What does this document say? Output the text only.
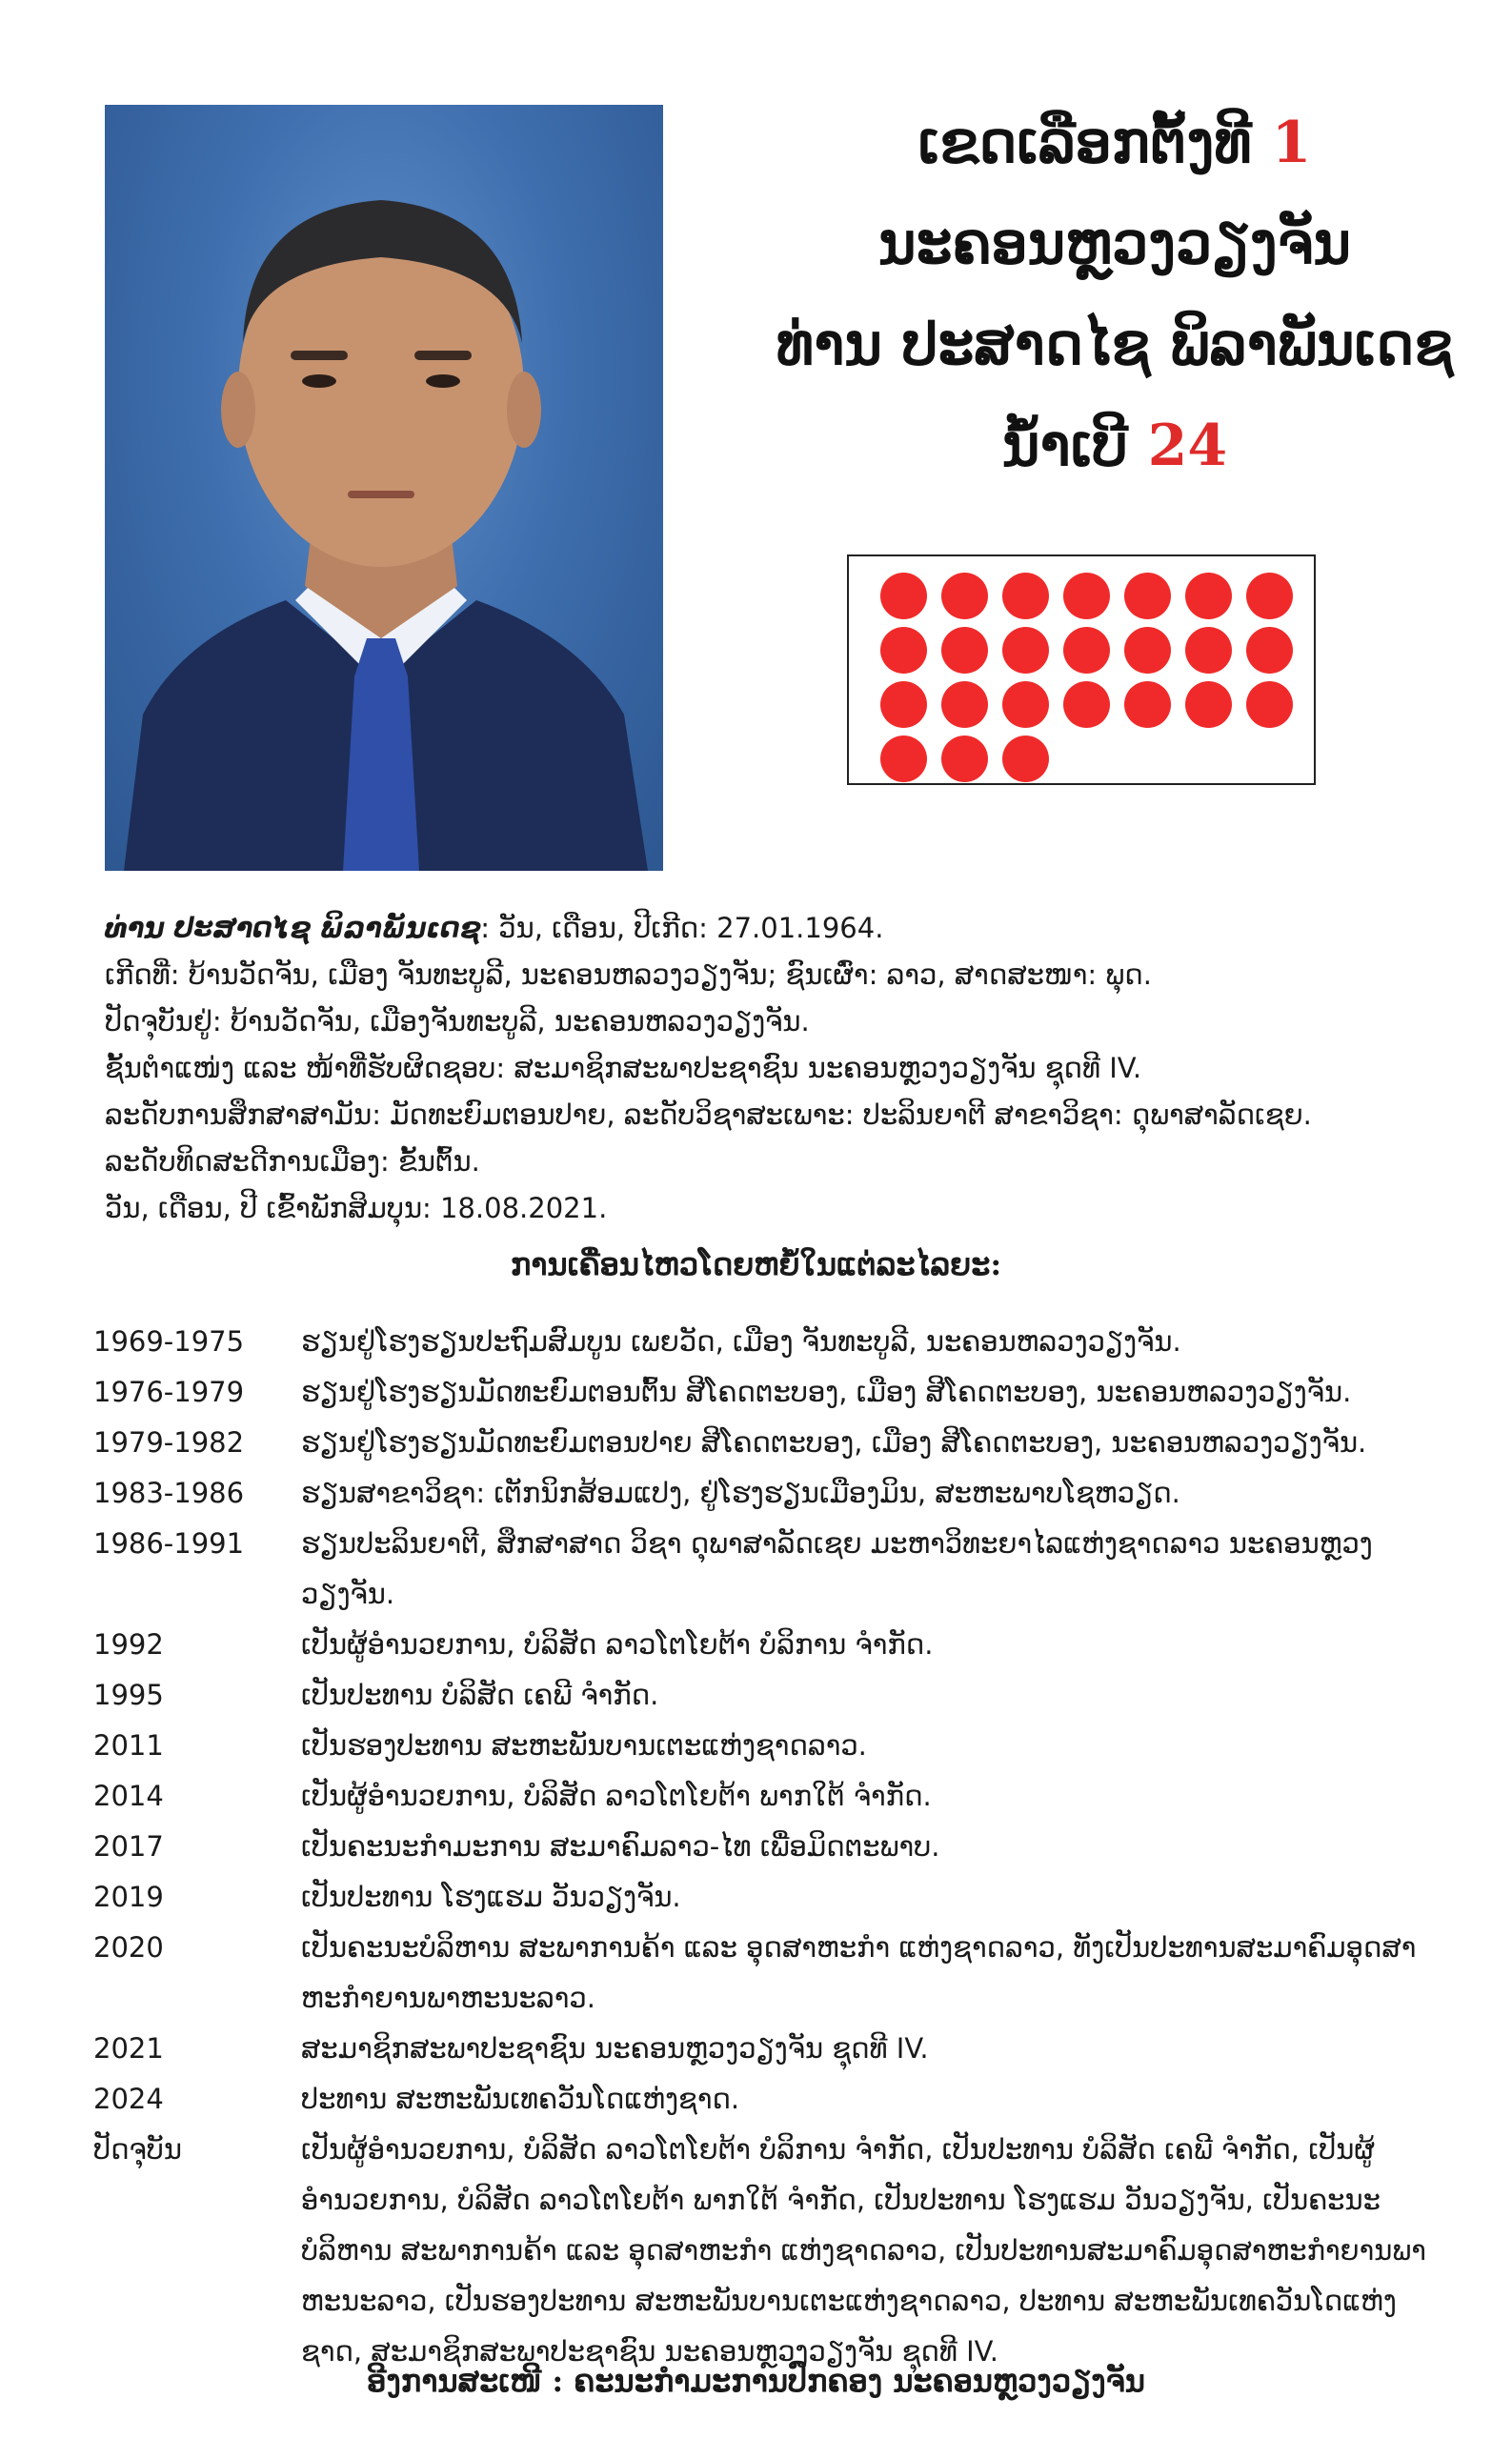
ເຂດເລືອກຕັ້ງທີ 1
ນະຄອນຫຼວງວຽງຈັນ
ທ່ານ ປະສາດໄຊ ພິລາພັນເດຊ
ນ້ຳເບີ 24
ທ່ານ ປະສາດໄຊ ພິລາພັນເດຊ: ວັນ, ເດືອນ, ປີເກີດ: 27.01.1964.
ເກີດທີ່: ບ້ານວັດຈັນ, ເມືອງ ຈັນທະບູລີ, ນະຄອນຫລວງວຽງຈັນ; ຊົນເຜົ່າ: ລາວ, ສາດສະໜາ: ພຸດ.
ປັດຈຸບັນຢູ່: ບ້ານວັດຈັນ, ເມືອງຈັນທະບູລີ, ນະຄອນຫລວງວຽງຈັນ.
ຊັ້ນຕໍາແໜ່ງ ແລະ ໜ້າທີ່ຮັບຜິດຊອບ: ສະມາຊິກສະພາປະຊາຊົນ ນະຄອນຫຼວງວຽງຈັນ ຊຸດທີ IV.
ລະດັບການສຶກສາສາມັນ: ມັດທະຍົມຕອນປາຍ, ລະດັບວິຊາສະເພາະ: ປະລິນຍາຕີ ສາຂາວິຊາ: ດຸພາສາລັດເຊຍ.
ລະດັບທິດສະດີການເມືອງ: ຂັ້ນຕົ້ນ.
ວັນ, ເດືອນ, ປີ ເຂົ້າພັກສິມບຸນ: 18.08.2021.
ການເຄື່ອນໄຫວໂດຍຫຍໍ້ໃນແຕ່ລະໄລຍະ:
1969-1975	ຮຽນຢູ່ໂຮງຮຽນປະຖົມສົມບູນ ເພຍວັດ, ເມືອງ ຈັນທະບູລີ, ນະຄອນຫລວງວຽງຈັນ.
1976-1979	ຮຽນຢູ່ໂຮງຮຽນມັດທະຍົມຕອນຕົ້ນ ສີໂຄດຕະບອງ, ເມືອງ ສີໂຄດຕະບອງ, ນະຄອນຫລວງວຽງຈັນ.
1979-1982	ຮຽນຢູ່ໂຮງຮຽນມັດທະຍົມຕອນປາຍ ສີໂຄດຕະບອງ, ເມືອງ ສີໂຄດຕະບອງ, ນະຄອນຫລວງວຽງຈັນ.
1983-1986	ຮຽນສາຂາວິຊາ: ເຕັກນິກສ້ອມແປງ, ຢູ່ໂຮງຮຽນເມືອງມິນ, ສະຫະພາບໂຊຫວຽດ.
1986-1991	ຮຽນປະລິນຍາຕີ, ສຶກສາສາດ ວິຊາ ດຸພາສາລັດເຊຍ ມະຫາວິທະຍາໄລແຫ່ງຊາດລາວ ນະຄອນຫຼວງວຽງຈັນ.
1992	ເປັນຜູ້ອໍານວຍການ, ບໍລິສັດ ລາວໂຕໂຍຕ້າ ບໍລິການ ຈໍາກັດ.
1995	ເປັນປະທານ ບໍລິສັດ ເຄພີ ຈໍາກັດ.
2011	ເປັນຮອງປະທານ ສະຫະພັນບານເຕະແຫ່ງຊາດລາວ.
2014	ເປັນຜູ້ອໍານວຍການ, ບໍລິສັດ ລາວໂຕໂຍຕ້າ ພາກໃຕ້ ຈໍາກັດ.
2017	ເປັນຄະນະກໍາມະການ ສະມາຄົມລາວ-ໄທ ເພື່ອມິດຕະພາບ.
2019	ເປັນປະທານ ໂຮງແຮມ ວັນວຽງຈັນ.
2020	ເປັນຄະນະບໍລິຫານ ສະພາການຄ້າ ແລະ ອຸດສາຫະກໍາ ແຫ່ງຊາດລາວ, ທັງເປັນປະທານສະມາຄົມອຸດສາ
ຫະກໍາຍານພາຫະນະລາວ.
2021	ສະມາຊິກສະພາປະຊາຊົນ ນະຄອນຫຼວງວຽງຈັນ ຊຸດທີ IV.
2024	ປະທານ ສະຫະພັນເທຄວັນໂດແຫ່ງຊາດ.
ປັດຈຸບັນ	ເປັນຜູ້ອໍານວຍການ, ບໍລິສັດ ລາວໂຕໂຍຕ້າ ບໍລິການ ຈໍາກັດ, ເປັນປະທານ ບໍລິສັດ ເຄພີ ຈໍາກັດ, ເປັນຜູ້
ອໍານວຍການ, ບໍລິສັດ ລາວໂຕໂຍຕ້າ ພາກໃຕ້ ຈໍາກັດ, ເປັນປະທານ ໂຮງແຮມ ວັນວຽງຈັນ, ເປັນຄະນະ
ບໍລິຫານ ສະພາການຄ້າ ແລະ ອຸດສາຫະກໍາ ແຫ່ງຊາດລາວ, ເປັນປະທານສະມາຄົມອຸດສາຫະກໍາຍານພາ
ຫະນະລາວ, ເປັນຮອງປະທານ ສະຫະພັນບານເຕະແຫ່ງຊາດລາວ, ປະທານ ສະຫະພັນເທຄວັນໂດແຫ່ງ
ຊາດ, ສະມາຊິກສະພາປະຊາຊົນ ນະຄອນຫຼວງວຽງຈັນ ຊຸດທີ IV.
ອີງການສະເໜີ : ຄະນະກໍາມະການປົກຄອງ ນະຄອນຫຼວງວຽງຈັນ
